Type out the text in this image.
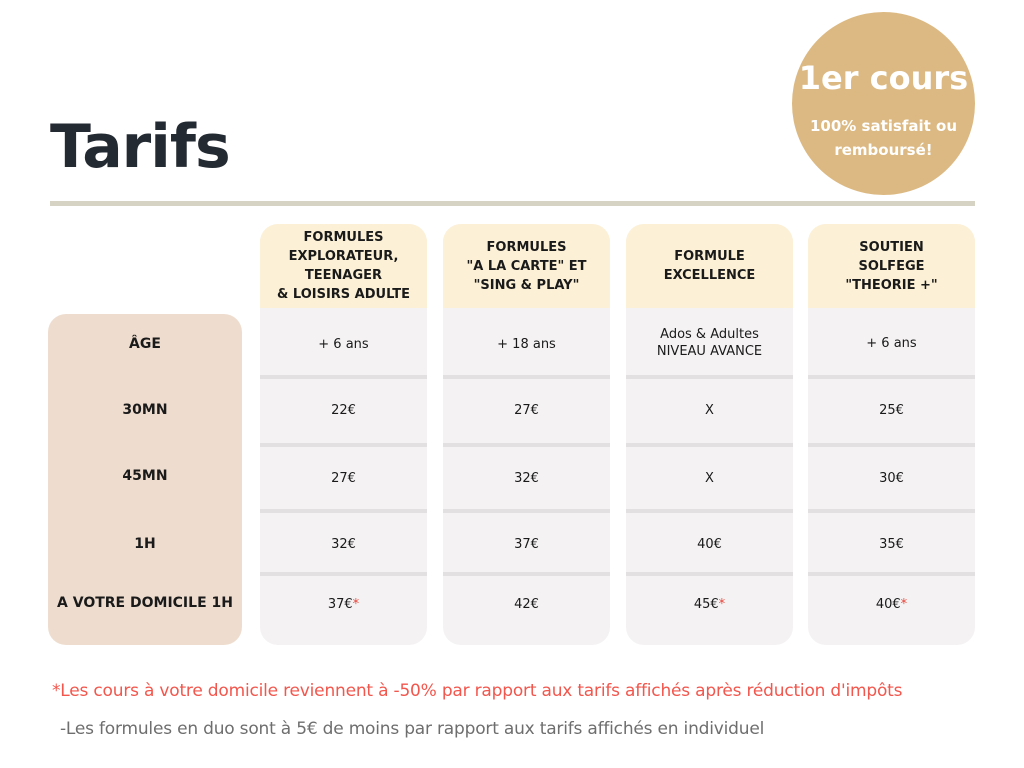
Tarifs
1er cours
100% satisfait ou remboursé!
ÂGE
30MN
45MN
1H
A VOTRE DOMICILE 1H
FORMULES
EXPLORATEUR,
TEENAGER
& LOISIRS ADULTE
+ 6 ans
22€
27€
32€
37€*
FORMULES
"A LA CARTE" ET
"SING & PLAY"
+ 18 ans
27€
32€
37€
42€
FORMULE
EXCELLENCE
Ados & Adultes
NIVEAU AVANCE
X
X
40€
45€*
SOUTIEN
SOLFEGE
"THEORIE +"
+ 6 ans
25€
30€
35€
40€*
*Les cours à votre domicile reviennent à -50% par rapport aux tarifs affichés après réduction d'impôts
-Les formules en duo sont à 5€ de moins par rapport aux tarifs affichés en individuel
